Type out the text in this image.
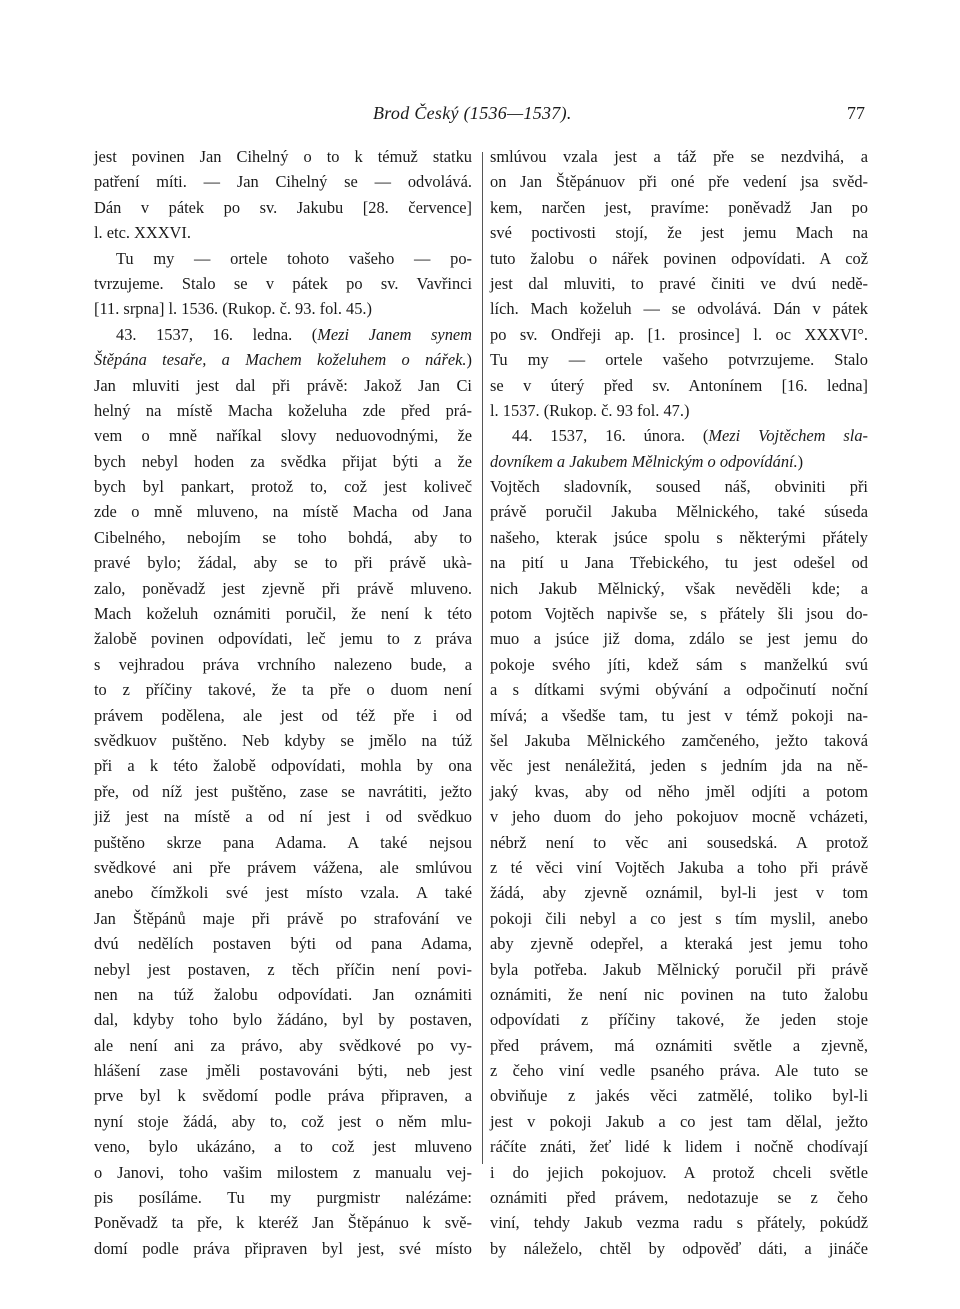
Brod Český (1536—1537).	77
jest povinen Jan Cihelný o to k témuž statku
patření míti. — Jan Cihelný se — odvolává.
Dán v pátek po sv. Jakubu [28. července]
l. etc. XXXVI.
Tu my — ortele tohoto vašeho — po-
tvrzujeme. Stalo se v pátek po sv. Vavřinci
[11. srpna] l. 1536. (Rukop. č. 93. fol. 45.)
43. 1537, 16. ledna. (Mezi Janem synem
Štěpána tesaře, a Machem koželuhem o nářek.)
Jan mluviti jest dal při právě: Jakož Jan Ci
helný na místě Macha koželuha zde před prá-
vem o mně naříkal slovy neduovodnými, že
bych nebyl hoden za svědka přijat býti a že
bych byl pankart, protož to, což jest koliveč
zde o mně mluveno, na místě Macha od Jana
Cibelného, nebojím se toho bohdá, aby to
pravé bylo; žádal, aby se to při právě ukà-
zalo, poněvadž jest zjevně při právě mluveno.
Mach koželuh oznámiti poručil, že není k této
žalobě povinen odpovídati, leč jemu to z práva
s vejhradou práva vrchního nalezeno bude, a
to z příčiny takové, že ta pře o duom není
právem podělena, ale jest od též pře i od
svědkuov puštěno. Neb kdyby se jmělo na túž
při a k této žalobě odpovídati, mohla by ona
pře, od níž jest puštěno, zase se navrátiti, ježto
již jest na místě a od ní jest i od svědkuo
puštěno skrze pana Adama. A také nejsou
svědkové ani pře právem vážena, ale smlúvou
anebo čímžkoli své jest místo vzala. A také
Jan Štěpánů maje při právě po strafování ve
dvú nedělích postaven býti od pana Adama,
nebyl jest postaven, z těch příčin není povi-
nen na túž žalobu odpovídati. Jan oznámiti
dal, kdyby toho bylo žádáno, byl by postaven,
ale není ani za právo, aby svědkové po vy-
hlášení zase jměli postavováni býti, neb jest
prve byl k svědomí podle práva připraven, a
nyní stoje žádá, aby to, což jest o něm mlu-
veno, bylo ukázáno, a to což jest mluveno
o Janovi, toho vašim milostem z manualu vej-
pis posíláme. Tu my purgmistr nalézáme:
Poněvadž ta pře, k kteréž Jan Štěpánuo k svě-
domí podle práva připraven byl jest, své místo
smlúvou vzala jest a táž pře se nezdvihá, a
on Jan Štěpánuov při oné pře vedení jsa svěd-
kem, narčen jest, pravíme: poněvadž Jan po
své poctivosti stojí, že jest jemu Mach na
tuto žalobu o nářek povinen odpovídati. A což
jest dal mluviti, to pravé činiti ve dvú nedě-
lích. Mach koželuh — se odvolává. Dán v pátek
po sv. Ondřeji ap. [1. prosince] l. oc XXXVI°.
Tu my — ortele vašeho potvrzujeme. Stalo
se v úterý před sv. Antonínem [16. ledna]
l. 1537. (Rukop. č. 93 fol. 47.)
44. 1537, 16. února. (Mezi Vojtěchem sla-
dovníkem a Jakubem Mělnickým o odpovídání.)
Vojtěch sladovník, soused náš, obviniti při
právě poručil Jakuba Mělnického, také súseda
našeho, kterak jsúce spolu s některými přátely
na pití u Jana Třebického, tu jest odešel od
nich Jakub Mělnický, však nevěděli kde; a
potom Vojtěch napivše se, s přátely šli jsou do-
muo a jsúce již doma, zdálo se jest jemu do
pokoje svého jíti, kdež sám s manželkú svú
a s dítkami svými obývání a odpočinutí noční
mívá; a všedše tam, tu jest v témž pokoji na-
šel Jakuba Mělnického zamčeného, ježto taková
věc jest nenáležitá, jeden s jedním jda na ně-
jaký kvas, aby od něho jměl odjíti a potom
v jeho duom do jeho pokojuov mocně vcházeti,
nébrž není to věc ani sousedská. A protož
z té věci viní Vojtěch Jakuba a toho při právě
žádá, aby zjevně oznámil, byl-li jest v tom
pokoji čili nebyl a co jest s tím myslil, anebo
aby zjevně odepřel, a kteraká jest jemu toho
byla potřeba. Jakub Mělnický poručil při právě
oznámiti, že není nic povinen na tuto žalobu
odpovídati z příčiny takové, že jeden stoje
před právem, má oznámiti světle a zjevně,
z čeho viní vedle psaného práva. Ale tuto se
obviňuje z jakés věci zatmělé, toliko byl-li
jest v pokoji Jakub a co jest tam dělal, ježto
ráčíte znáti, žeť lidé k lidem i nočně chodívají
i do jejich pokojuov. A protož chceli světle
oznámiti před právem, nedotazuje se z čeho
viní, tehdy Jakub vezma radu s přátely, pokúdž
by náleželo, chtěl by odpověď dáti, a jináče
